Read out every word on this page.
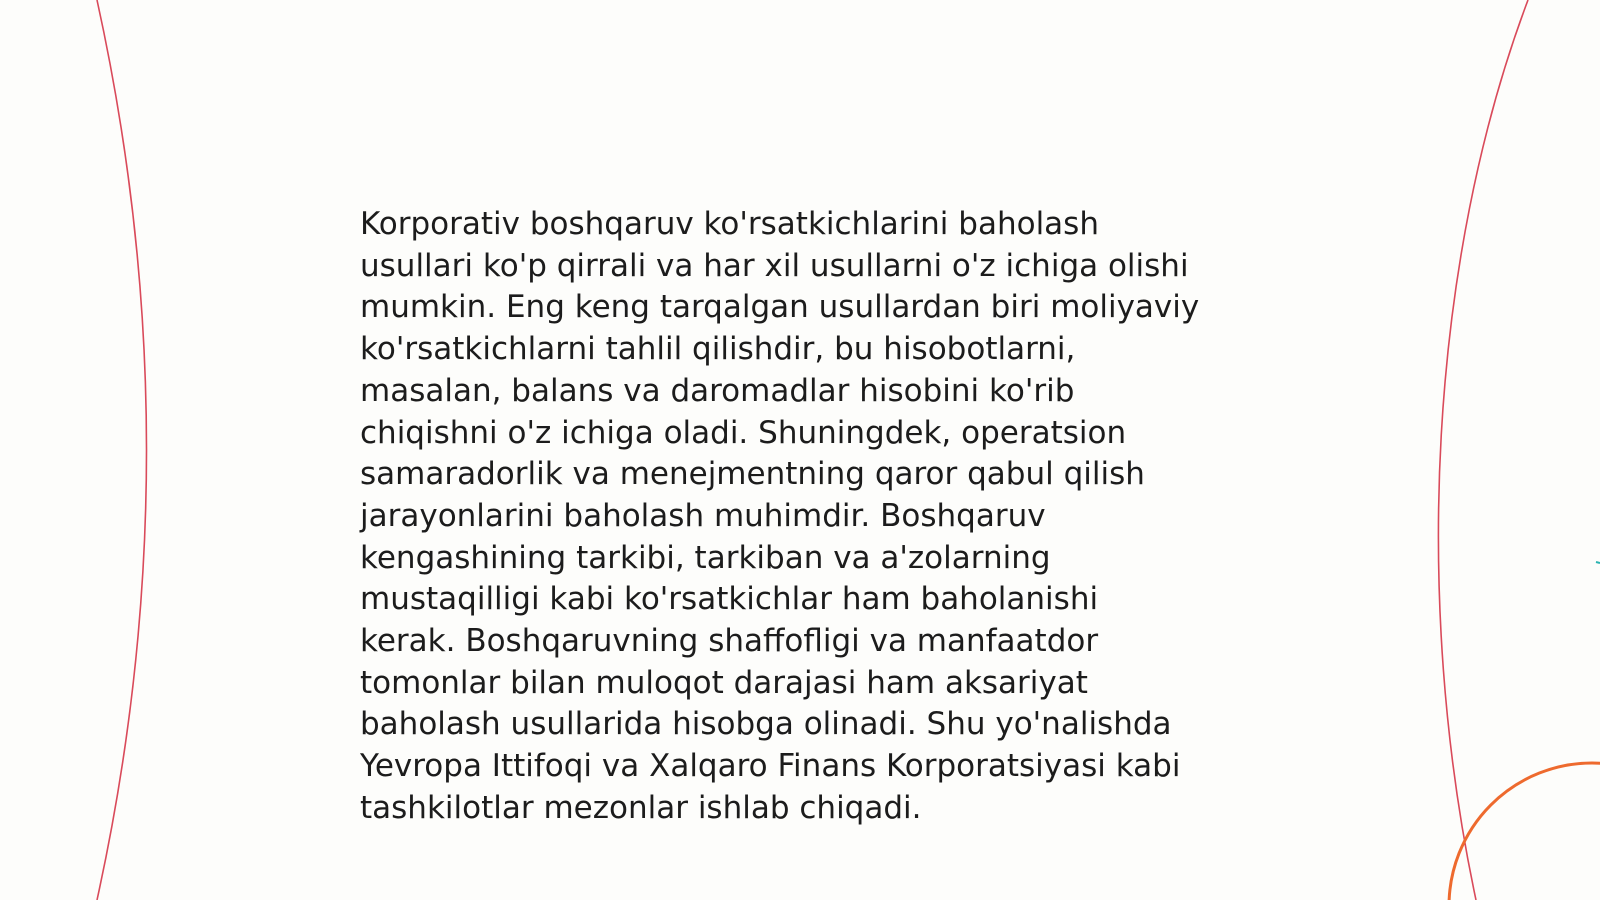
Korporativ boshqaruv ko'rsatkichlarini baholash
usullari ko'p qirrali va har xil usullarni o'z ichiga olishi
mumkin. Eng keng tarqalgan usullardan biri moliyaviy
ko'rsatkichlarni tahlil qilishdir, bu hisobotlarni,
masalan, balans va daromadlar hisobini ko'rib
chiqishni o'z ichiga oladi. Shuningdek, operatsion
samaradorlik va menejmentning qaror qabul qilish
jarayonlarini baholash muhimdir. Boshqaruv
kengashining tarkibi, tarkiban va a'zolarning
mustaqilligi kabi ko'rsatkichlar ham baholanishi
kerak. Boshqaruvning shaffofligi va manfaatdor
tomonlar bilan muloqot darajasi ham aksariyat
baholash usullarida hisobga olinadi. Shu yo'nalishda
Yevropa Ittifoqi va Xalqaro Finans Korporatsiyasi kabi
tashkilotlar mezonlar ishlab chiqadi.
